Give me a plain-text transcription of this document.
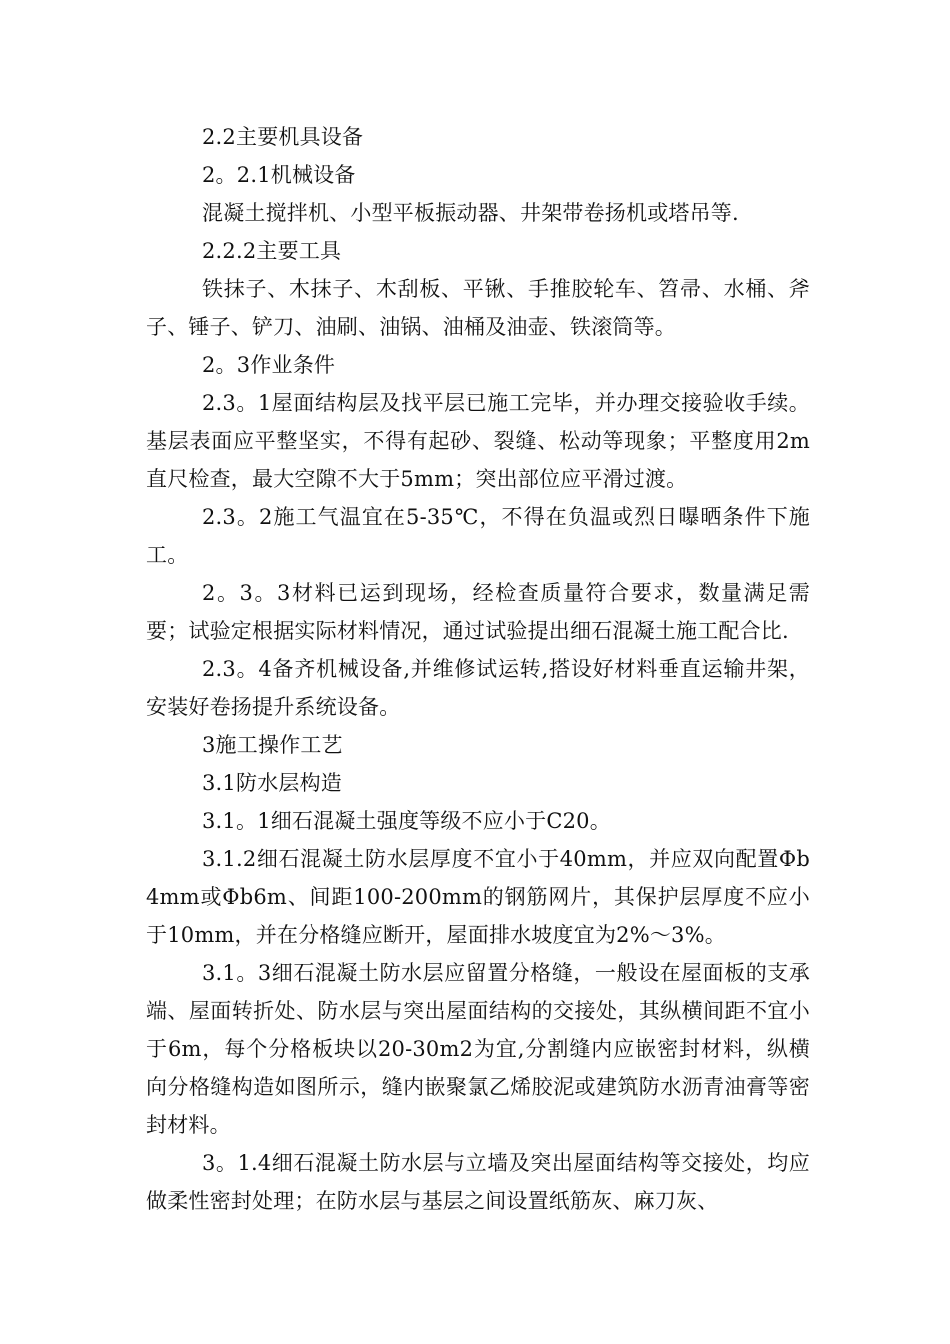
2.2主要机具设备

2。2.1机械设备

混凝土搅拌机、小型平板振动器、井架带卷扬机或塔吊等.

2.2.2主要工具

铁抹子、木抹子、木刮板、平锹、手推胶轮车、笤帚、水桶、斧子、锤子、铲刀、油刷、油锅、油桶及油壶、铁滚筒等。

2。3作业条件

2.3。1屋面结构层及找平层已施工完毕，并办理交接验收手续。基层表面应平整坚实，不得有起砂、裂缝、松动等现象；平整度用2m直尺检查，最大空隙不大于5mm；突出部位应平滑过渡。

2.3。2施工气温宜在5-35℃，不得在负温或烈日曝晒条件下施工。

2。3。3材料已运到现场，经检查质量符合要求，数量满足需要；试验定根据实际材料情况，通过试验提出细石混凝土施工配合比.

2.3。4备齐机械设备,并维修试运转,搭设好材料垂直运输井架，安装好卷扬提升系统设备。

3施工操作工艺

3.1防水层构造

3.1。1细石混凝土强度等级不应小于C20。

3.1.2细石混凝土防水层厚度不宜小于40mm，并应双向配置Φb4mm或Φb6m、间距100-200mm的钢筋网片，其保护层厚度不应小于10mm，并在分格缝应断开，屋面排水坡度宜为2%～3%。

3.1。3细石混凝土防水层应留置分格缝，一般设在屋面板的支承端、屋面转折处、防水层与突出屋面结构的交接处，其纵横间距不宜小于6m，每个分格板块以20-30m2为宜,分割缝内应嵌密封材料，纵横向分格缝构造如图所示，缝内嵌聚氯乙烯胶泥或建筑防水沥青油膏等密封材料。

3。1.4细石混凝土防水层与立墙及突出屋面结构等交接处，均应做柔性密封处理；在防水层与基层之间设置纸筋灰、麻刀灰、
